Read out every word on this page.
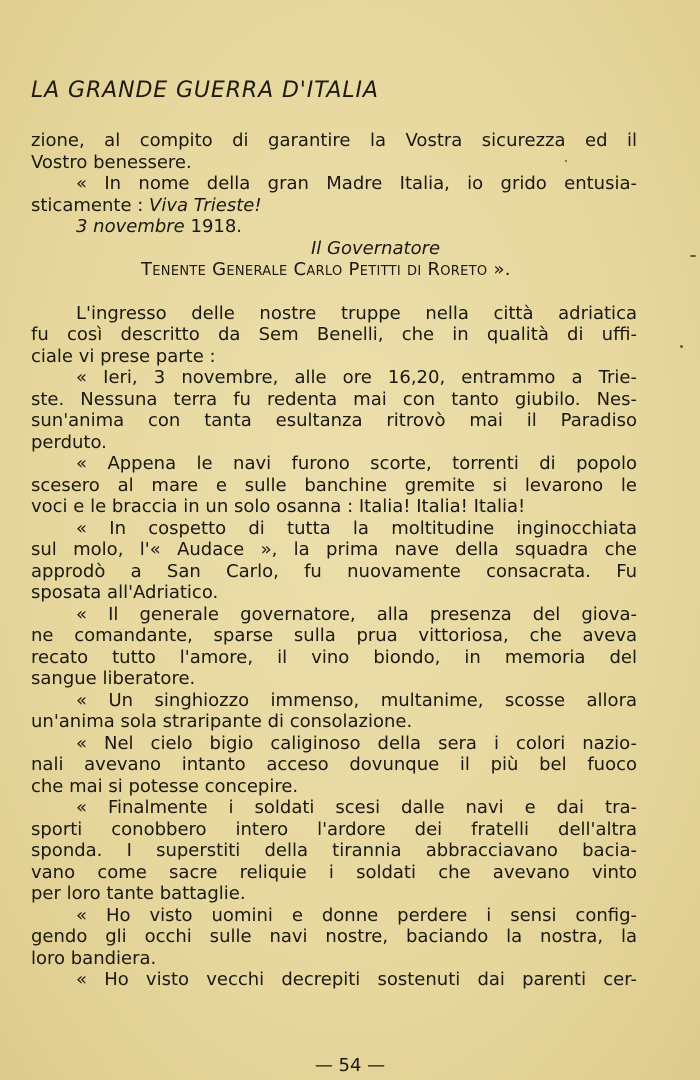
LA GRANDE GUERRA D'ITALIA
zione, al compito di garantire la Vostra sicurezza ed il
Vostro benessere.
« In nome della gran Madre Italia, io grido entusia-
sticamente : Viva Trieste!
3 novembre 1918.
Il Governatore
Tenente Generale Carlo Petitti di Roreto ».
L'ingresso delle nostre truppe nella città adriatica
fu così descritto da Sem Benelli, che in qualità di uffi-
ciale vi prese parte :
« Ieri, 3 novembre, alle ore 16,20, entrammo a Trie-
ste. Nessuna terra fu redenta mai con tanto giubilo. Nes-
sun'anima con tanta esultanza ritrovò mai il Paradiso
perduto.
« Appena le navi furono scorte, torrenti di popolo
scesero al mare e sulle banchine gremite si levarono le
voci e le braccia in un solo osanna : Italia! Italia! Italia!
« In cospetto di tutta la moltitudine inginocchiata
sul molo, l'« Audace », la prima nave della squadra che
approdò a San Carlo, fu nuovamente consacrata. Fu
sposata all'Adriatico.
« Il generale governatore, alla presenza del giova-
ne comandante, sparse sulla prua vittoriosa, che aveva
recato tutto l'amore, il vino biondo, in memoria del
sangue liberatore.
« Un singhiozzo immenso, multanime, scosse allora
un'anima sola straripante di consolazione.
« Nel cielo bigio caliginoso della sera i colori nazio-
nali avevano intanto acceso dovunque il più bel fuoco
che mai si potesse concepire.
« Finalmente i soldati scesi dalle navi e dai tra-
sporti conobbero intero l'ardore dei fratelli dell'altra
sponda. I superstiti della tirannia abbracciavano bacia-
vano come sacre reliquie i soldati che avevano vinto
per loro tante battaglie.
« Ho visto uomini e donne perdere i sensi config-
gendo gli occhi sulle navi nostre, baciando la nostra, la
loro bandiera.
« Ho visto vecchi decrepiti sostenuti dai parenti cer-
— 54 —
